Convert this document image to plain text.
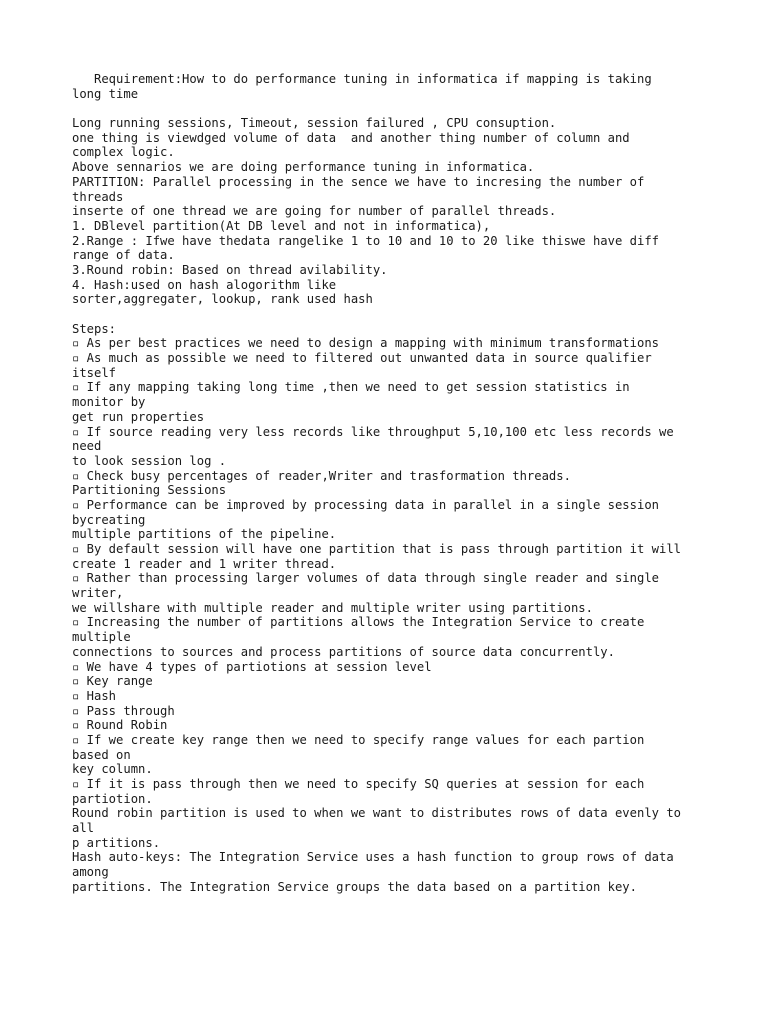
Requirement:How to do performance tuning in informatica if mapping is taking
long time
Long running sessions, Timeout, session failured , CPU consuption.
one thing is viewdged volume of data  and another thing number of column and
complex logic.
Above sennarios we are doing performance tuning in informatica.
PARTITION: Parallel processing in the sence we have to incresing the number of
threads
inserte of one thread we are going for number of parallel threads.
1. DBlevel partition(At DB level and not in informatica),
2.Range : Ifwe have thedata rangelike 1 to 10 and 10 to 20 like thiswe have diff
range of data.
3.Round robin: Based on thread avilability.
4. Hash:used on hash alogorithm like
sorter,aggregater, lookup, rank used hash
Steps:
▫ As per best practices we need to design a mapping with minimum transformations
▫ As much as possible we need to filtered out unwanted data in source qualifier
itself
▫ If any mapping taking long time ,then we need to get session statistics in
monitor by
get run properties
▫ If source reading very less records like throughput 5,10,100 etc less records we
need
to look session log .
▫ Check busy percentages of reader,Writer and trasformation threads.
Partitioning Sessions
▫ Performance can be improved by processing data in parallel in a single session
bycreating
multiple partitions of the pipeline.
▫ By default session will have one partition that is pass through partition it will
create 1 reader and 1 writer thread.
▫ Rather than processing larger volumes of data through single reader and single
writer,
we willshare with multiple reader and multiple writer using partitions.
▫ Increasing the number of partitions allows the Integration Service to create
multiple
connections to sources and process partitions of source data concurrently.
▫ We have 4 types of partiotions at session level
▫ Key range
▫ Hash
▫ Pass through
▫ Round Robin
▫ If we create key range then we need to specify range values for each partion
based on
key column.
▫ If it is pass through then we need to specify SQ queries at session for each
partiotion.
Round robin partition is used to when we want to distributes rows of data evenly to
all
p artitions.
Hash auto-keys: The Integration Service uses a hash function to group rows of data
among
partitions. The Integration Service groups the data based on a partition key.
